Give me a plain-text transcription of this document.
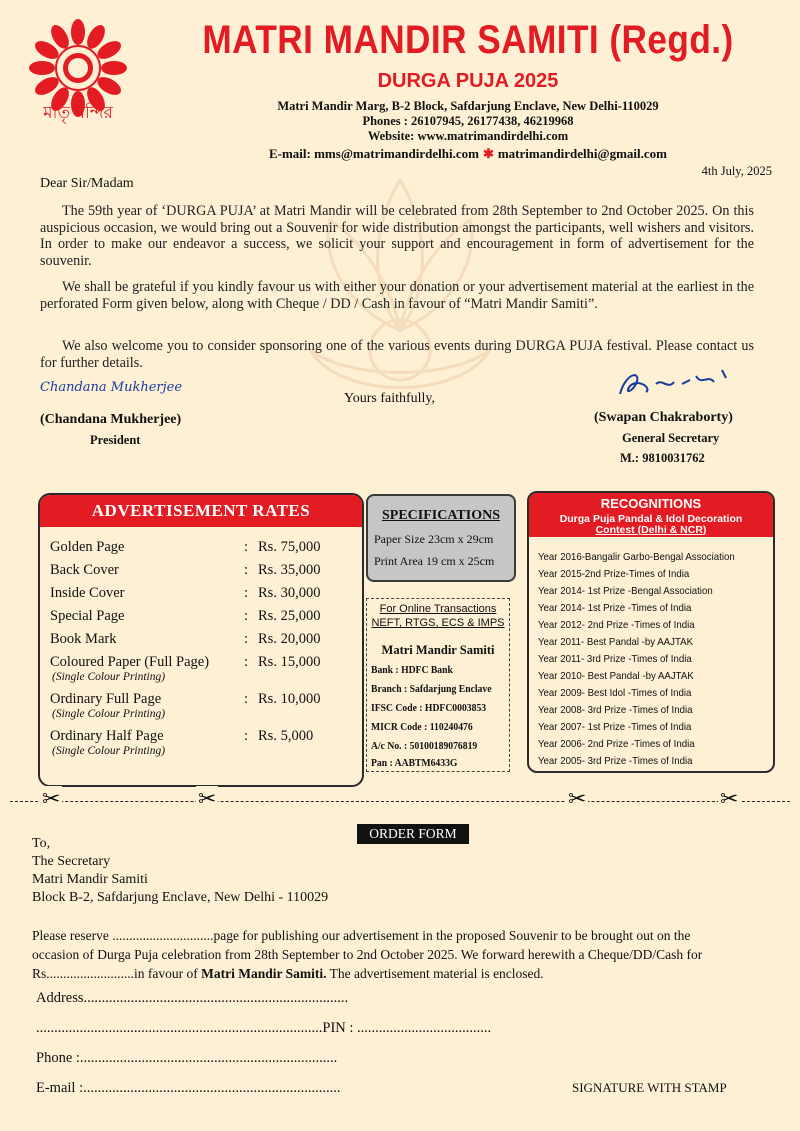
মাতৃ মন্দির
MATRI MANDIR SAMITI (Regd.)
DURGA PUJA 2025
Matri Mandir Marg, B-2 Block, Safdarjung Enclave, New Delhi-110029
Phones : 26107945, 26177438, 46219968
Website: www.matrimandirdelhi.com
E-mail: mms@matrimandirdelhi.com ✱ matrimandirdelhi@gmail.com
4th July, 2025
Dear Sir/Madam
The 59th year of ‘DURGA PUJA’ at Matri Mandir will be celebrated from 28th September to 2nd October 2025. On this auspicious occasion, we would bring out a Souvenir for wide distribution amongst the participants, well wishers and visitors. In order to make our endeavor a success, we solicit your support and encouragement in form of advertisement for the souvenir.
We shall be grateful if you kindly favour us with either your donation or your advertisement material at the earliest in the perforated Form given below, along with Cheque / DD / Cash in favour of “Matri Mandir Samiti”.
We also welcome you to consider sponsoring one of the various events during DURGA PUJA festival. Please contact us for further details.
Chandana Mukherjee
(Chandana Mukherjee)
President
Yours faithfully,
(Swapan Chakraborty)
General Secretary
M.: 9810031762
ADVERTISEMENT RATES
Golden Page	: Rs. 75,000
Back Cover	: Rs. 35,000
Inside Cover	: Rs. 30,000
Special Page	: Rs. 25,000
Book Mark	: Rs. 20,000
Coloured Paper (Full Page) : Rs. 15,000
(Single Colour Printing)
Ordinary Full Page	: Rs. 10,000
(Single Colour Printing)
Ordinary Half Page	: Rs. 5,000
(Single Colour Printing)
SPECIFICATIONS
Paper Size 23cm x 29cm
Print Area 19 cm x 25cm
For Online Transactions
NEFT, RTGS, ECS & IMPS
Matri Mandir Samiti
Bank : HDFC Bank
Branch : Safdarjung Enclave
IFSC Code : HDFC0003853
MICR Code : 110240476
A/c No. : 50100189076819
Pan : AABTM6433G
RECOGNITIONS
Durga Puja Pandal & Idol Decoration
Contest (Delhi & NCR)
Year 2016-Bangalir Garbo-Bengal Association
Year 2015-2nd Prize-Times of India
Year 2014- 1st Prize -Bengal Association
Year 2014- 1st Prize -Times of India
Year 2012- 2nd Prize -Times of India
Year 2011- Best Pandal -by AAJTAK
Year 2011- 3rd Prize -Times of India
Year 2010- Best Pandal -by AAJTAK
Year 2009- Best Idol -Times of India
Year 2008- 3rd Prize -Times of India
Year 2007- 1st Prize -Times of India
Year 2006- 2nd Prize -Times of India
Year 2005- 3rd Prize -Times of India
✂	✂	✂	✂
ORDER FORM
To,
The Secretary
Matri Mandir Samiti
Block B-2, Safdarjung Enclave, New Delhi - 110029
Please reserve ..............................page for publishing our advertisement in the proposed Souvenir to be brought out on the
occasion of Durga Puja celebration from 28th September to 2nd October 2025. We forward herewith a Cheque/DD/Cash for
Rs..........................in favour of Matri Mandir Samiti. The advertisement material is enclosed.
Address.........................................................................
...............................................................................PIN : .....................................
Phone :.......................................................................
E-mail :.......................................................................	SIGNATURE WITH STAMP
